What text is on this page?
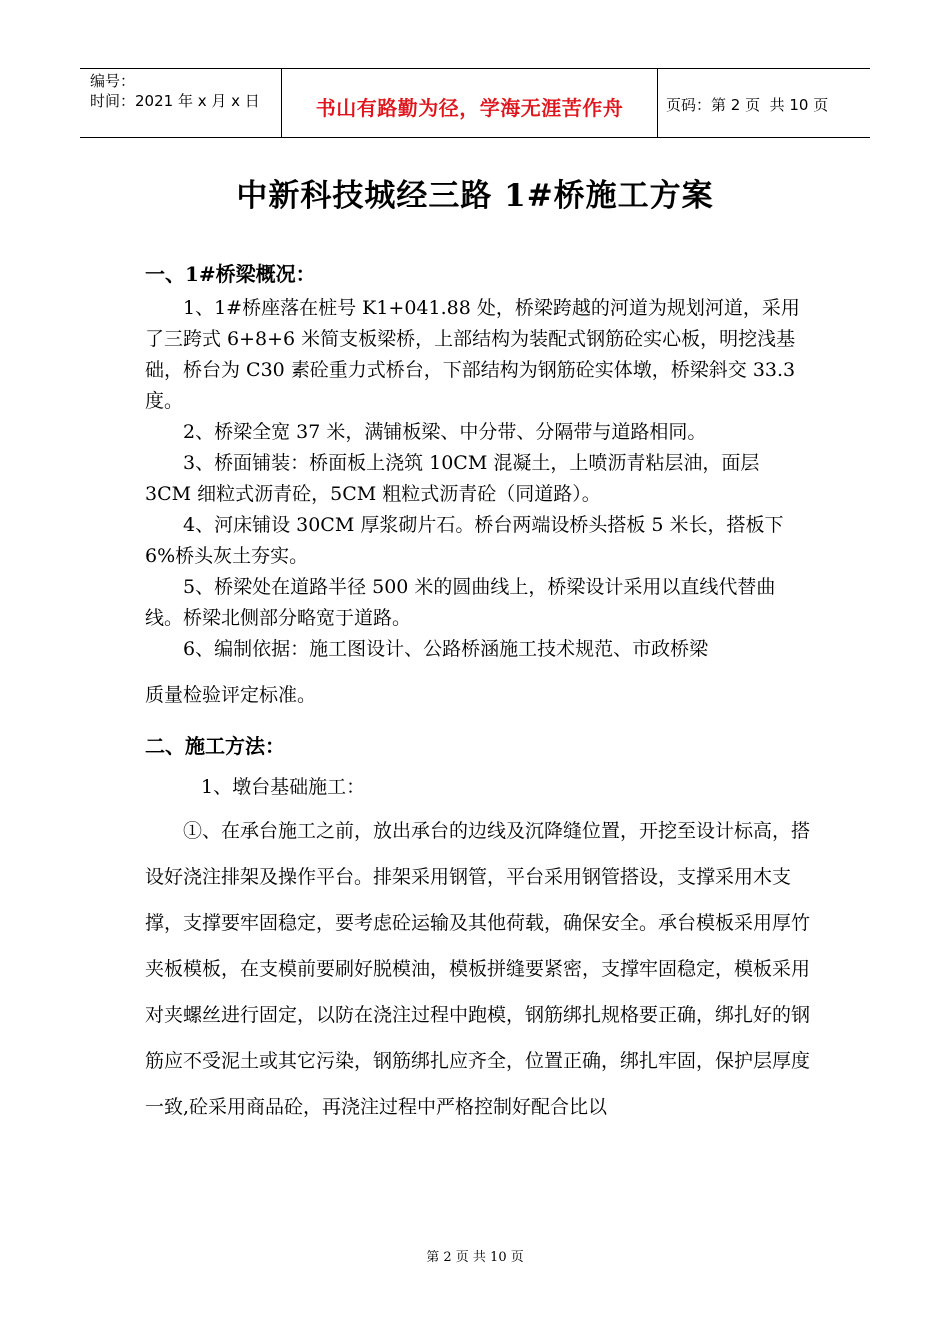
编号：
时间：2021 年 x 月 x 日	书山有路勤为径，学海无涯苦作舟	页码：第 2 页  共 10 页
中新科技城经三路 1#桥施工方案
一、1#桥梁概况：

1、1#桥座落在桩号 K1+041.88 处，桥梁跨越的河道为规划河道，采用了三跨式 6+8+6 米简支板梁桥，上部结构为装配式钢筋砼实心板，明挖浅基础，桥台为 C30 素砼重力式桥台，下部结构为钢筋砼实体墩，桥梁斜交 33.3 度。

2、桥梁全宽 37 米，满铺板梁、中分带、分隔带与道路相同。

3、桥面铺装：桥面板上浇筑 10CM 混凝土，上喷沥青粘层油，面层 3CM 细粒式沥青砼，5CM 粗粒式沥青砼（同道路）。

4、河床铺设 30CM 厚浆砌片石。桥台两端设桥头搭板 5 米长，搭板下 6%桥头灰土夯实。

5、桥梁处在道路半径 500 米的圆曲线上，桥梁设计采用以直线代替曲线。桥梁北侧部分略宽于道路。

6、编制依据：施工图设计、公路桥涵施工技术规范、市政桥梁

质量检验评定标准。

二、施工方法：

1、墩台基础施工：

①、在承台施工之前，放出承台的边线及沉降缝位置，开挖至设计标高，搭设好浇注排架及操作平台。排架采用钢管，平台采用钢管搭设，支撑采用木支撑，支撑要牢固稳定，要考虑砼运输及其他荷载，确保安全。承台模板采用厚竹夹板模板，在支模前要刷好脱模油，模板拼缝要紧密，支撑牢固稳定，模板采用对夹螺丝进行固定，以防在浇注过程中跑模，钢筋绑扎规格要正确，绑扎好的钢筋应不受泥土或其它污染，钢筋绑扎应齐全，位置正确，绑扎牢固，保护层厚度一致,砼采用商品砼，再浇注过程中严格控制好配合比以

第 2 页 共 10 页
